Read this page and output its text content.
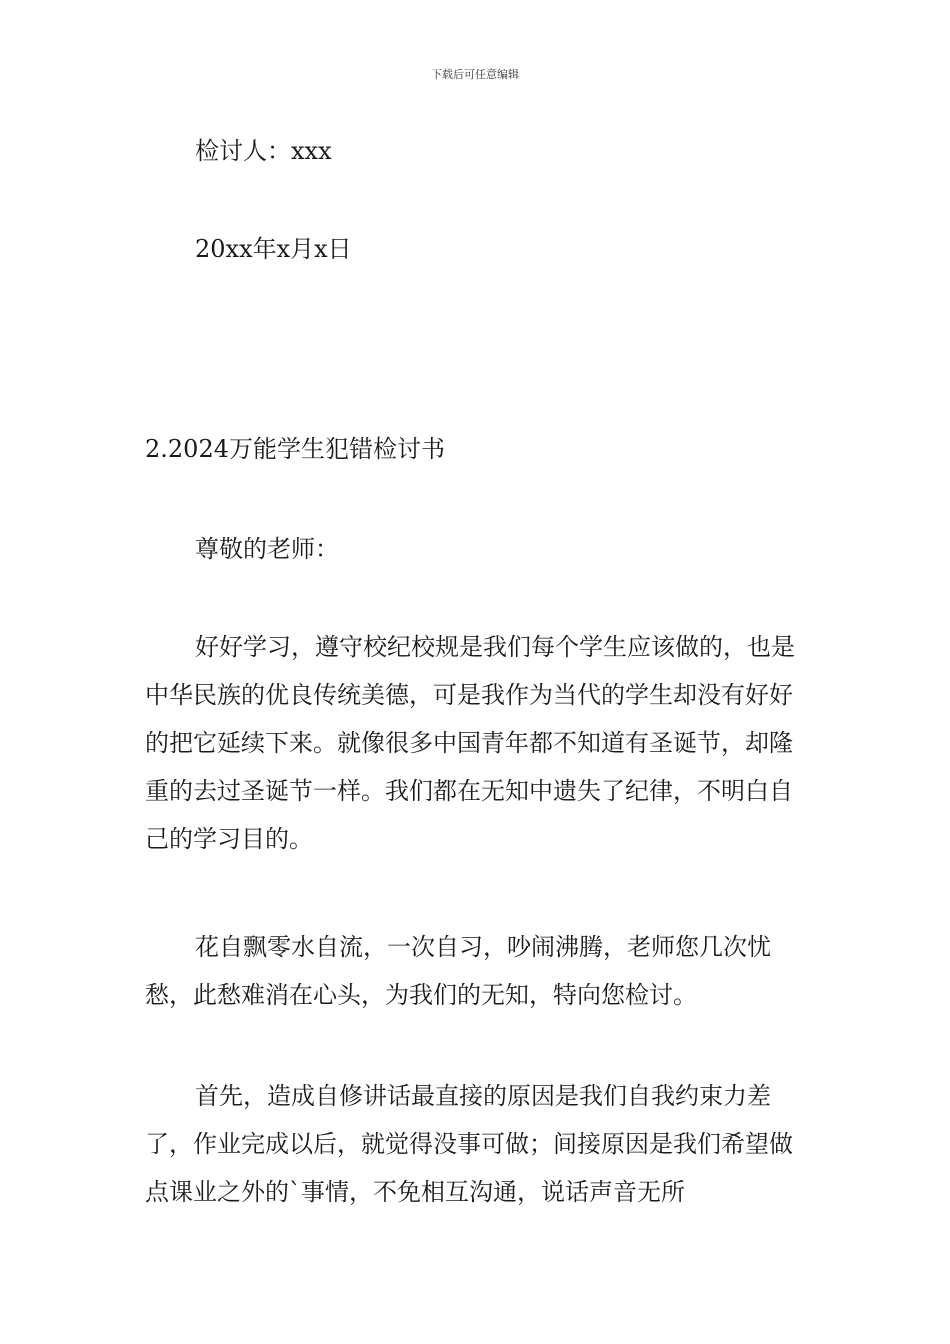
下载后可任意编辑

检讨人：xxx

20xx年x月x日

2.2024万能学生犯错检讨书

尊敬的老师：

好好学习，遵守校纪校规是我们每个学生应该做的，也是中华民族的优良传统美德，可是我作为当代的学生却没有好好的把它延续下来。就像很多中国青年都不知道有圣诞节，却隆重的去过圣诞节一样。我们都在无知中遗失了纪律，不明白自己的学习目的。

花自飘零水自流，一次自习，吵闹沸腾，老师您几次忧愁，此愁难消在心头，为我们的无知，特向您检讨。

首先，造成自修讲话最直接的原因是我们自我约束力差了，作业完成以后，就觉得没事可做；间接原因是我们希望做点课业之外的`事情，不免相互沟通，说话声音无所
